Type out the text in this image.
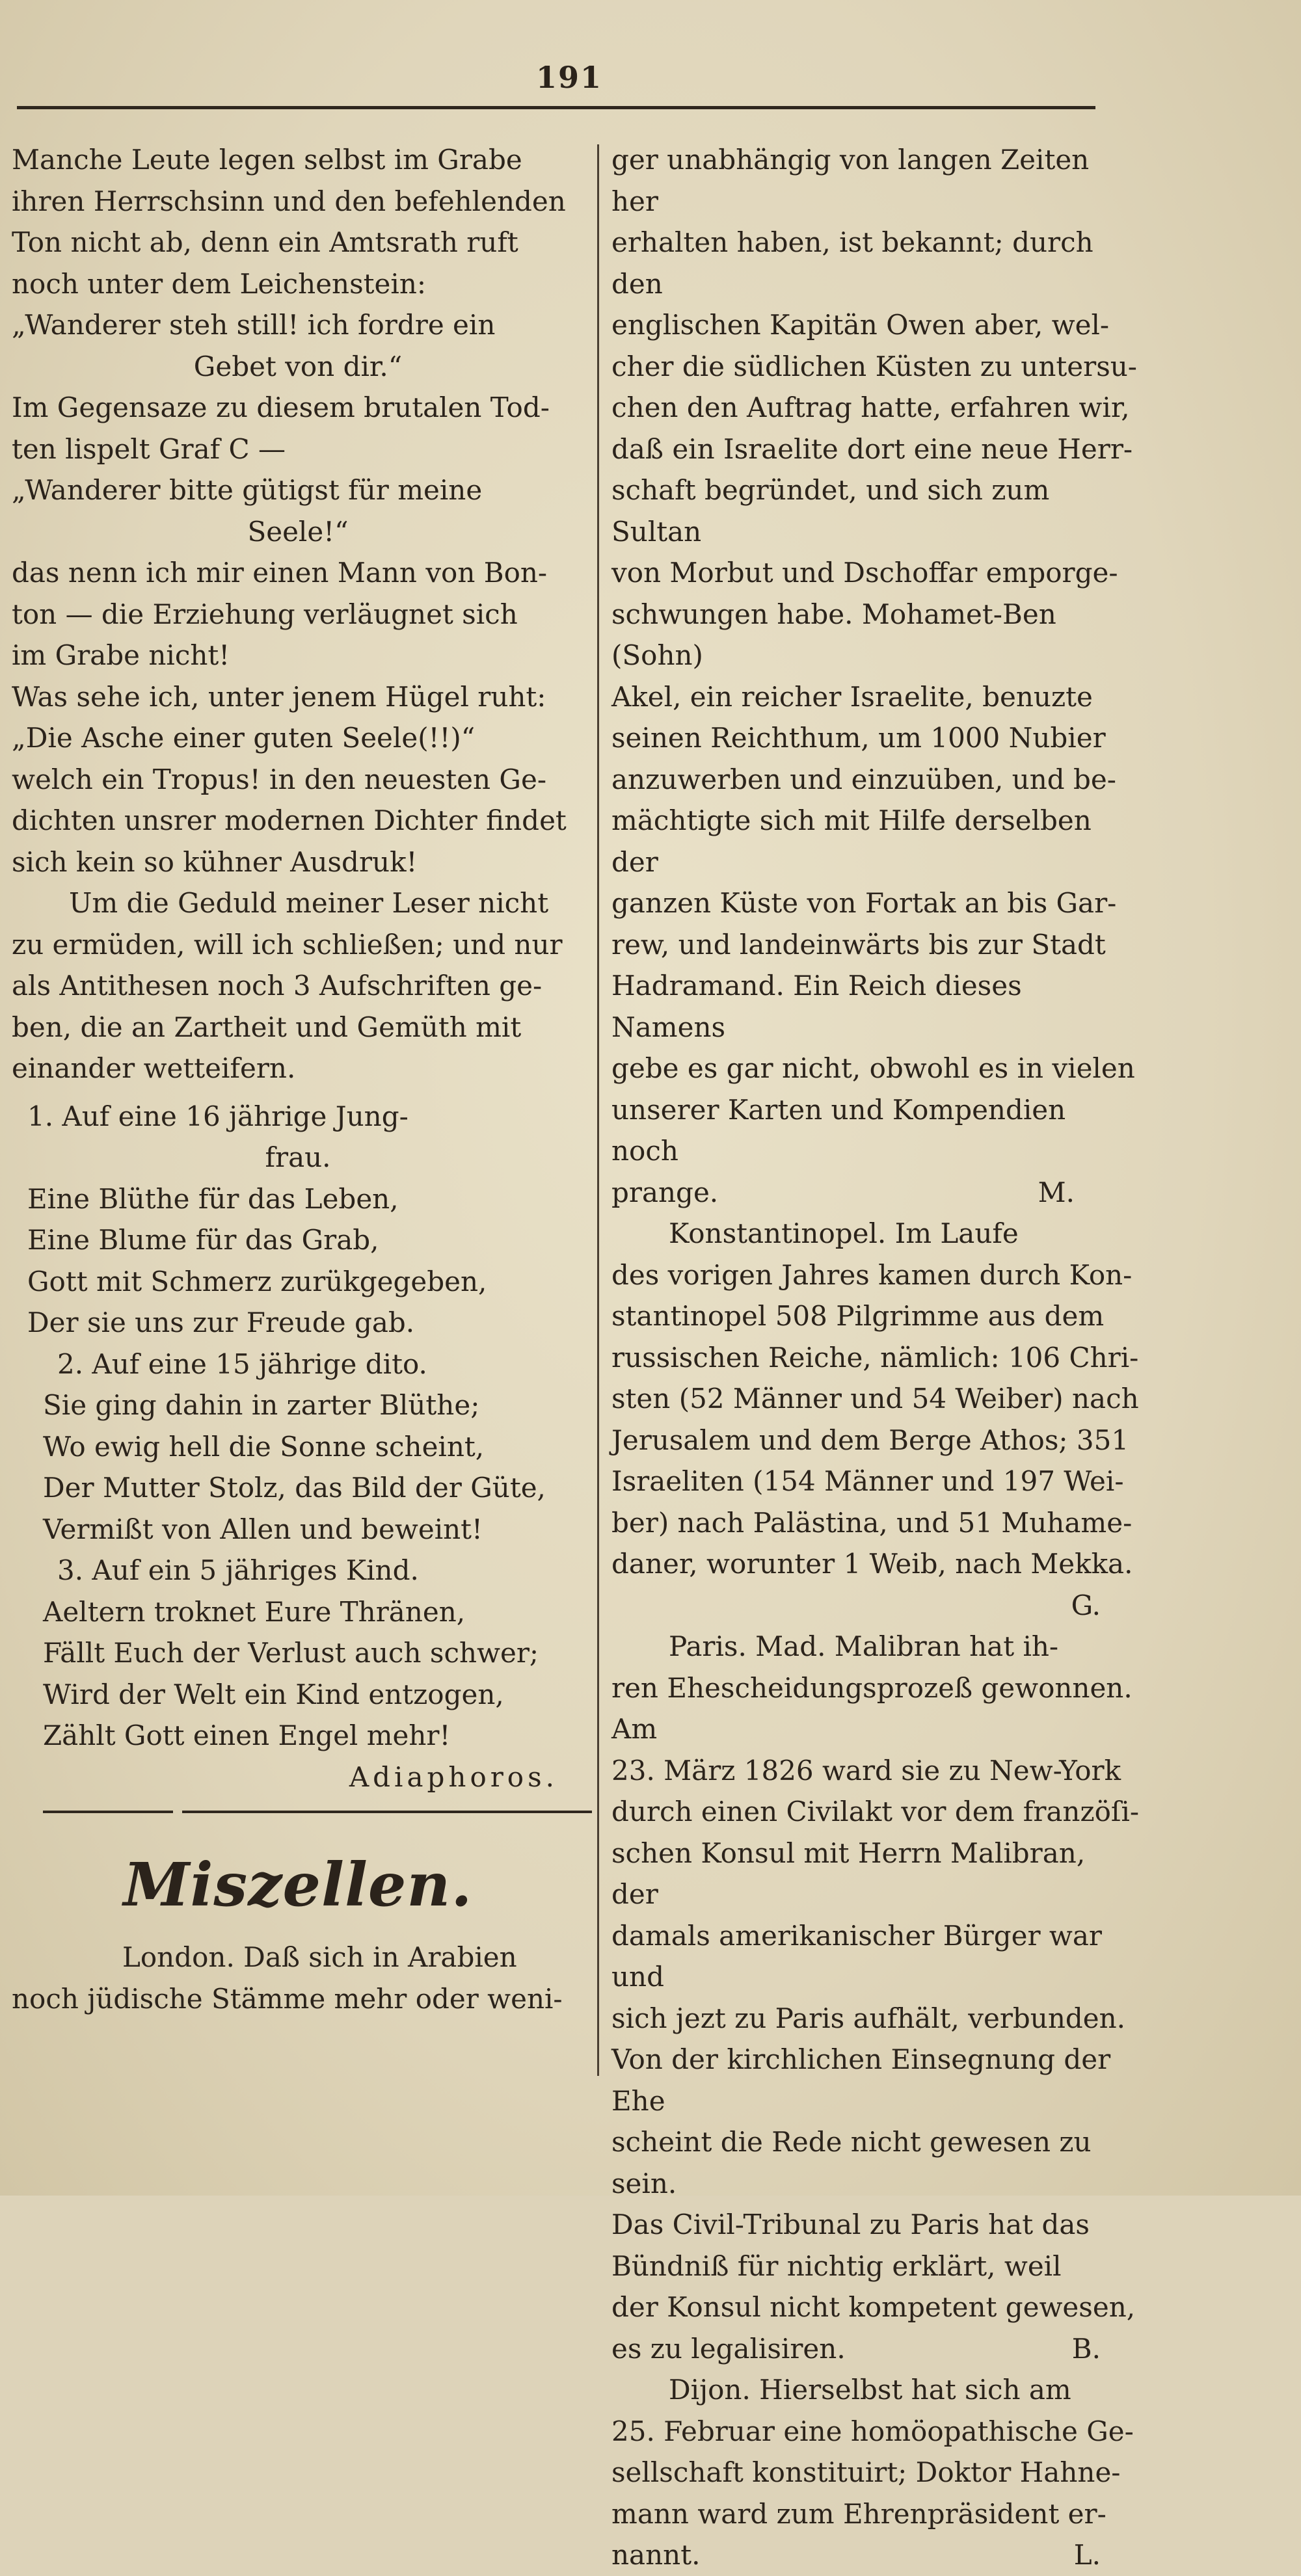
191

Manche Leute legen selbst im Grabe

ihren Herrschsinn und den befehlenden

Ton nicht ab, denn ein Amtsrath ruft

noch unter dem Leichenstein:

„Wanderer steh still! ich fordre ein

Gebet von dir.“

Im Gegensaze zu diesem brutalen Tod-

ten lispelt Graf C —

„Wanderer bitte gütigst für meine

Seele!“

das nenn ich mir einen Mann von Bon-

ton — die Erziehung verläugnet sich

im Grabe nicht!

Was sehe ich, unter jenem Hügel ruht:

„Die Asche einer guten Seele(!!)“

welch ein Tropus! in den neuesten Ge-

dichten unsrer modernen Dichter findet

sich kein so kühner Ausdruk!

Um die Geduld meiner Leser nicht

zu ermüden, will ich schließen; und nur

als Antithesen noch 3 Aufschriften ge-

ben, die an Zartheit und Gemüth mit

einander wetteifern.

1. Auf eine 16 jährige Jung-

frau.

Eine Blüthe für das Leben,

Eine Blume für das Grab,

Gott mit Schmerz zurükgegeben,

Der sie uns zur Freude gab.

2. Auf eine 15 jährige dito.

Sie ging dahin in zarter Blüthe;

Wo ewig hell die Sonne scheint,

Der Mutter Stolz, das Bild der Güte,

Vermißt von Allen und beweint!

3. Auf ein 5 jähriges Kind.

Aeltern troknet Eure Thränen,

Fällt Euch der Verlust auch schwer;

Wird der Welt ein Kind entzogen,

Zählt Gott einen Engel mehr!

Adiaphoros.

Miszellen.

London. Daß sich in Arabien

noch jüdische Stämme mehr oder weni-

ger unabhängig von langen Zeiten her

erhalten haben, ist bekannt; durch den

englischen Kapitän Owen aber, wel-

cher die südlichen Küsten zu untersu-

chen den Auftrag hatte, erfahren wir,

daß ein Israelite dort eine neue Herr-

schaft begründet, und sich zum Sultan

von Morbut und Dschoffar emporge-

schwungen habe. Mohamet-Ben (Sohn)

Akel, ein reicher Israelite, benuzte

seinen Reichthum, um 1000 Nubier

anzuwerben und einzuüben, und be-

mächtigte sich mit Hilfe derselben der

ganzen Küste von Fortak an bis Gar-

rew, und landeinwärts bis zur Stadt

Hadramand. Ein Reich dieses Namens

gebe es gar nicht, obwohl es in vielen

unserer Karten und Kompendien noch

prange.	M.

Konstantinopel. Im Laufe

des vorigen Jahres kamen durch Kon-

stantinopel 508 Pilgrimme aus dem

russischen Reiche, nämlich: 106 Chri-

sten (52 Männer und 54 Weiber) nach

Jerusalem und dem Berge Athos; 351

Israeliten (154 Männer und 197 Wei-

ber) nach Palästina, und 51 Muhame-

daner, worunter 1 Weib, nach Mekka.

G.

Paris. Mad. Malibran hat ih-

ren Ehescheidungsprozeß gewonnen. Am

23. März 1826 ward sie zu New-York

durch einen Civilakt vor dem franzöſi-

schen Konsul mit Herrn Malibran, der

damals amerikanischer Bürger war und

sich jezt zu Paris aufhält, verbunden.

Von der kirchlichen Einsegnung der Ehe

scheint die Rede nicht gewesen zu sein.

Das Civil-Tribunal zu Paris hat das

Bündniß für nichtig erklärt, weil

der Konsul nicht kompetent gewesen,

es zu legalisiren.	B.

Dijon. Hierselbst hat sich am

25. Februar eine homöopathische Ge-

sellschaft konstituirt; Doktor Hahne-

mann ward zum Ehrenpräsident er-

nannt.	L.
